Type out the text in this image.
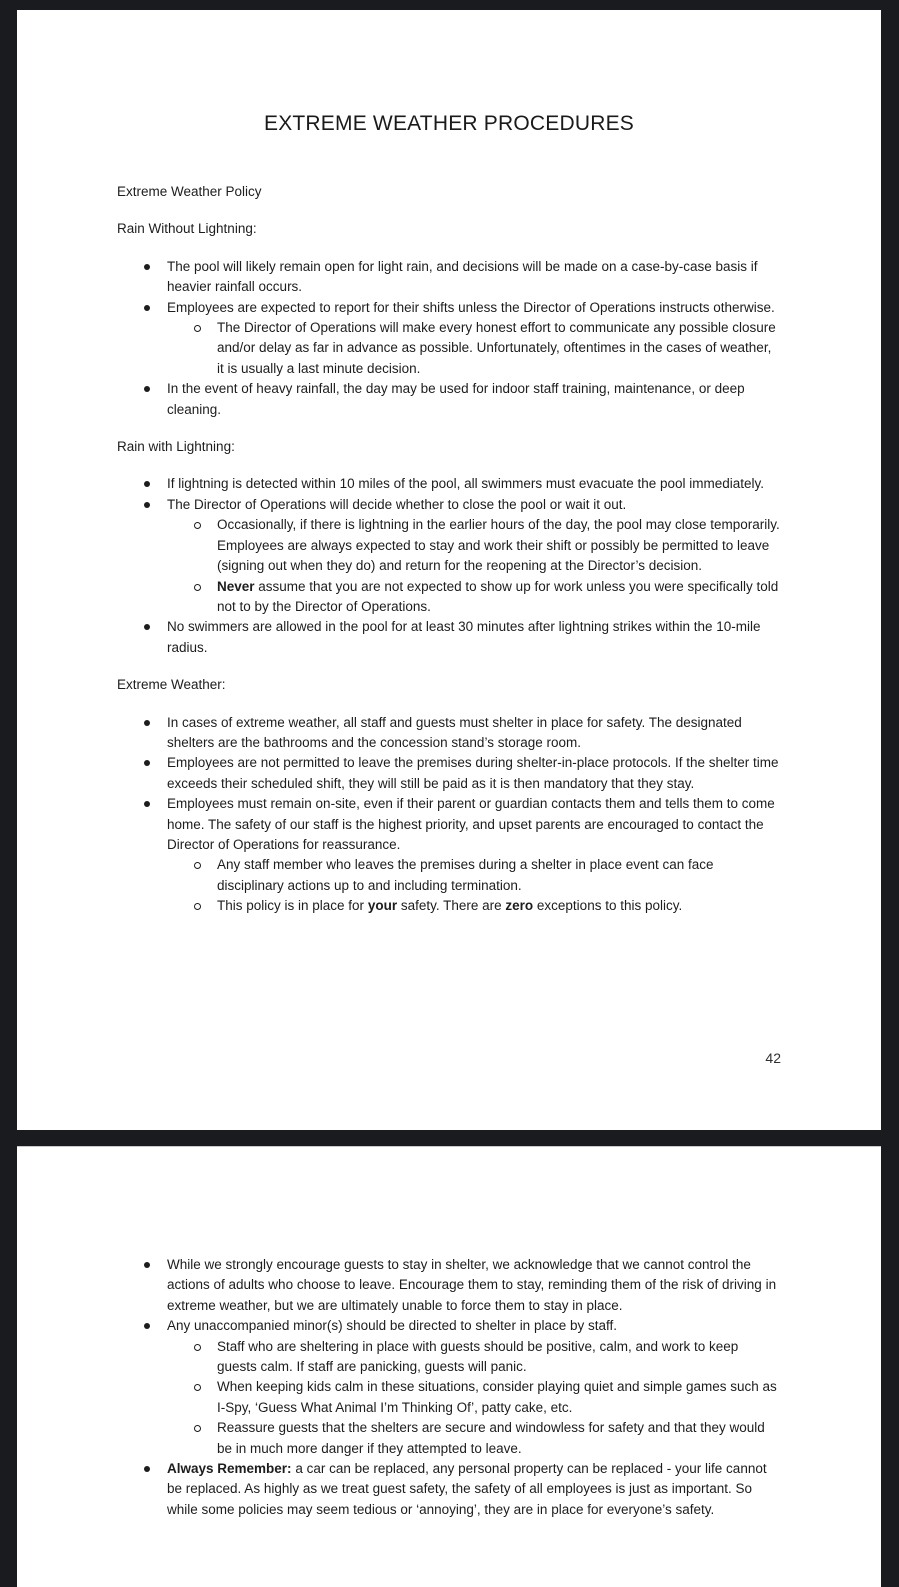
EXTREME WEATHER PROCEDURES
Extreme Weather Policy
Rain Without Lightning:
The pool will likely remain open for light rain, and decisions will be made on a case-by-case basis if heavier rainfall occurs.
Employees are expected to report for their shifts unless the Director of Operations instructs otherwise.
The Director of Operations will make every honest effort to communicate any possible closure and/or delay as far in advance as possible. Unfortunately, oftentimes in the cases of weather, it is usually a last minute decision.
In the event of heavy rainfall, the day may be used for indoor staff training, maintenance, or deep cleaning.
Rain with Lightning:
If lightning is detected within 10 miles of the pool, all swimmers must evacuate the pool immediately.
The Director of Operations will decide whether to close the pool or wait it out.
Occasionally, if there is lightning in the earlier hours of the day, the pool may close temporarily. Employees are always expected to stay and work their shift or possibly be permitted to leave (signing out when they do) and return for the reopening at the Director’s decision.
Never assume that you are not expected to show up for work unless you were specifically told not to by the Director of Operations.
No swimmers are allowed in the pool for at least 30 minutes after lightning strikes within the 10-mile radius.
Extreme Weather:
In cases of extreme weather, all staff and guests must shelter in place for safety. The designated shelters are the bathrooms and the concession stand’s storage room.
Employees are not permitted to leave the premises during shelter-in-place protocols. If the shelter time exceeds their scheduled shift, they will still be paid as it is then mandatory that they stay.
Employees must remain on-site, even if their parent or guardian contacts them and tells them to come home. The safety of our staff is the highest priority, and upset parents are encouraged to contact the Director of Operations for reassurance.
Any staff member who leaves the premises during a shelter in place event can face disciplinary actions up to and including termination.
This policy is in place for your safety. There are zero exceptions to this policy.
42
While we strongly encourage guests to stay in shelter, we acknowledge that we cannot control the actions of adults who choose to leave. Encourage them to stay, reminding them of the risk of driving in extreme weather, but we are ultimately unable to force them to stay in place.
Any unaccompanied minor(s) should be directed to shelter in place by staff.
Staff who are sheltering in place with guests should be positive, calm, and work to keep guests calm. If staff are panicking, guests will panic.
When keeping kids calm in these situations, consider playing quiet and simple games such as I-Spy, ‘Guess What Animal I’m Thinking Of’, patty cake, etc.
Reassure guests that the shelters are secure and windowless for safety and that they would be in much more danger if they attempted to leave.
Always Remember: a car can be replaced, any personal property can be replaced - your life cannot be replaced. As highly as we treat guest safety, the safety of all employees is just as important. So while some policies may seem tedious or ‘annoying’, they are in place for everyone’s safety.
